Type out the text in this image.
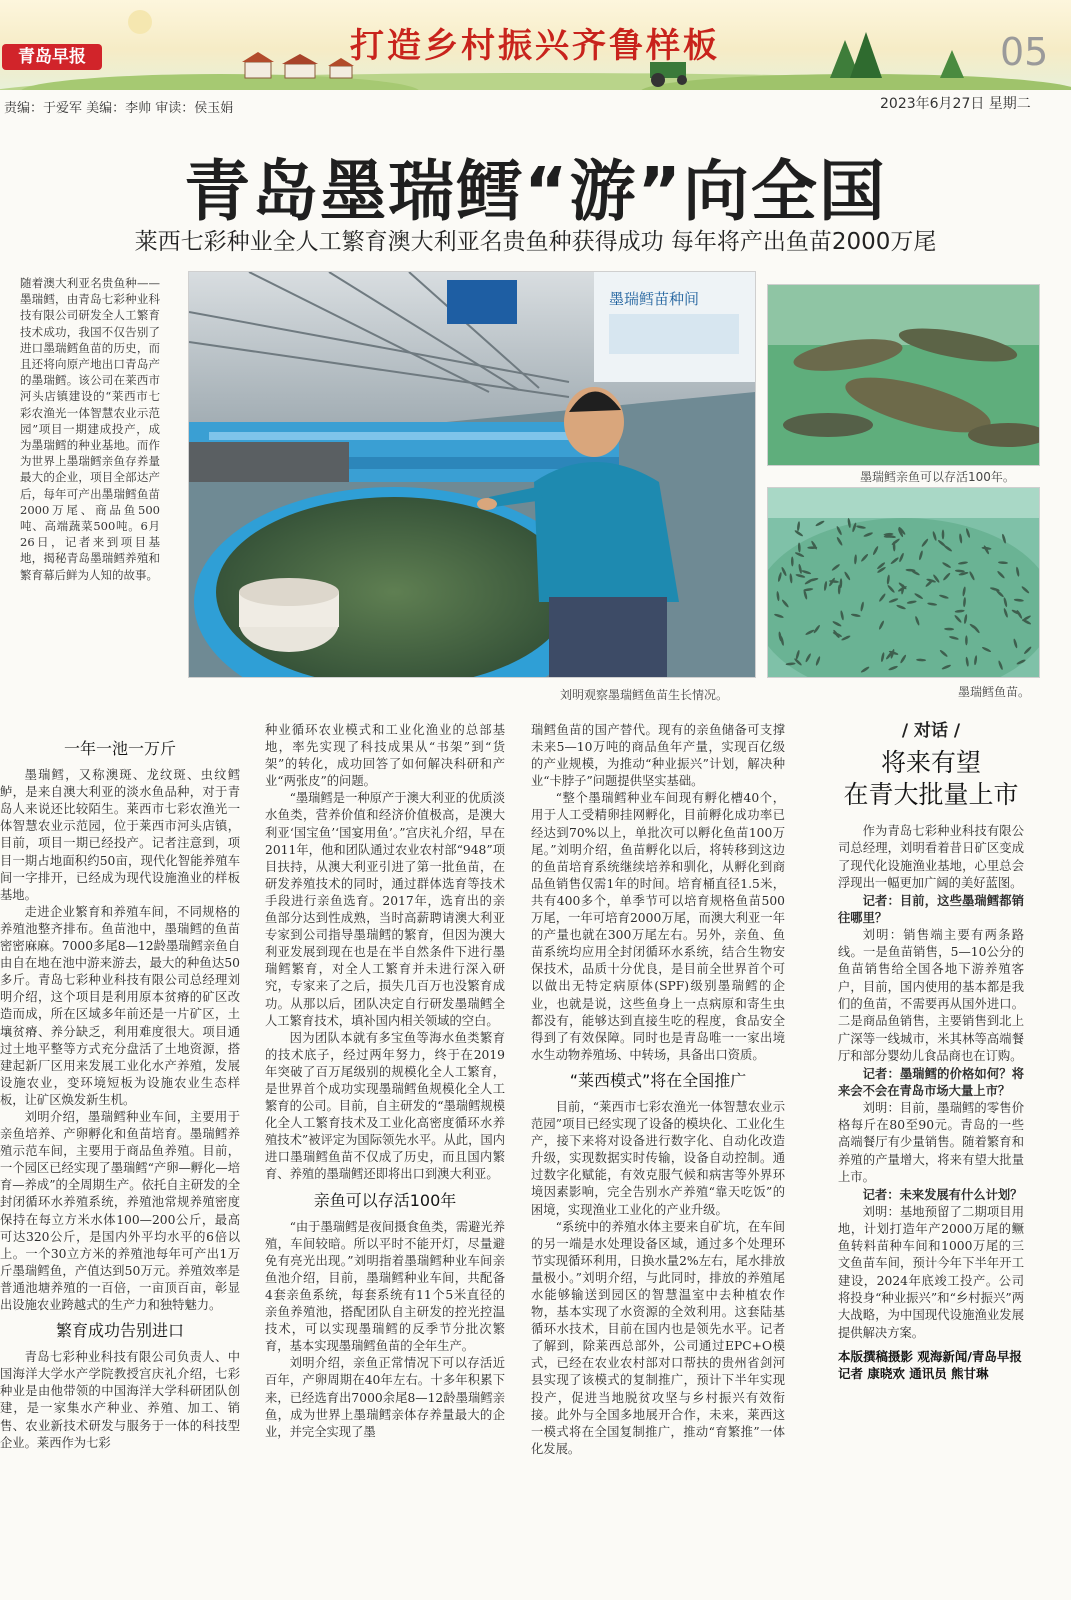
打造乡村振兴齐鲁样板
青岛早报	05
责编：于爱军 美编：李帅 审读：侯玉娟	2023年6月27日 星期二
青岛墨瑞鳕“游”向全国
莱西七彩种业全人工繁育澳大利亚名贵鱼种获得成功 每年将产出鱼苗2000万尾
随着澳大利亚名贵鱼种——墨瑞鳕，由青岛七彩种业科技有限公司研发全人工繁育技术成功，我国不仅告别了进口墨瑞鳕鱼苗的历史，而且还将向原产地出口青岛产的墨瑞鳕。该公司在莱西市河头店镇建设的“莱西市七彩农渔光一体智慧农业示范园”项目一期建成投产，成为墨瑞鳕的种业基地。而作为世界上墨瑞鳕亲鱼存养量最大的企业，项目全部达产后，每年可产出墨瑞鳕鱼苗2000万尾、商品鱼500吨、高端蔬菜500吨。6月26日，记者来到项目基地，揭秘青岛墨瑞鳕养殖和繁育幕后鲜为人知的故事。
墨瑞鳕苗种间
刘明观察墨瑞鳕鱼苗生长情况。
墨瑞鳕亲鱼可以存活100年。
墨瑞鳕鱼苗。
一年一池一万斤

墨瑞鳕，又称澳斑、龙纹斑、虫纹鳕鲈，是来自澳大利亚的淡水鱼品种，对于青岛人来说还比较陌生。莱西市七彩农渔光一体智慧农业示范园，位于莱西市河头店镇，目前，项目一期已经投产。记者注意到，项目一期占地面积约50亩，现代化智能养殖车间一字排开，已经成为现代设施渔业的样板基地。

走进企业繁育和养殖车间，不同规格的养殖池整齐排布。鱼苗池中，墨瑞鳕的鱼苗密密麻麻。7000多尾8—12龄墨瑞鳕亲鱼自由自在地在池中游来游去，最大的种鱼达50多斤。青岛七彩种业科技有限公司总经理刘明介绍，这个项目是利用原本贫瘠的矿区改造而成，所在区域多年前还是一片矿区，土壤贫瘠、养分缺乏，利用难度很大。项目通过土地平整等方式充分盘活了土地资源，搭建起新厂区用来发展工业化水产养殖，发展设施农业，变环境短板为设施农业生态样板，让矿区焕发新生机。

刘明介绍，墨瑞鳕种业车间，主要用于亲鱼培养、产卵孵化和鱼苗培育。墨瑞鳕养殖示范车间，主要用于商品鱼养殖。目前，一个园区已经实现了墨瑞鳕“产卵—孵化—培育—养成”的全周期生产。依托自主研发的全封闭循环水养殖系统，养殖池常规养殖密度保持在每立方米水体100—200公斤，最高可达320公斤，是国内外平均水平的6倍以上。一个30立方米的养殖池每年可产出1万斤墨瑞鳕鱼，产值达到50万元。养殖效率是普通池塘养殖的一百倍，一亩顶百亩，彰显出设施农业跨越式的生产力和独特魅力。

繁育成功告别进口

青岛七彩种业科技有限公司负责人、中国海洋大学水产学院教授宫庆礼介绍，七彩种业是由他带领的中国海洋大学科研团队创建，是一家集水产种业、养殖、加工、销售、农业新技术研发与服务于一体的科技型企业。莱西作为七彩

种业循环农业模式和工业化渔业的总部基地，率先实现了科技成果从“书架”到“货架”的转化，成功回答了如何解决科研和产业“两张皮”的问题。

“墨瑞鳕是一种原产于澳大利亚的优质淡水鱼类，营养价值和经济价值极高，是澳大利亚‘国宝鱼’‘国宴用鱼’。”宫庆礼介绍，早在2011年，他和团队通过农业农村部“948”项目扶持，从澳大利亚引进了第一批鱼苗，在研发养殖技术的同时，通过群体选育等技术手段进行亲鱼选育。2017年，选育出的亲鱼部分达到性成熟，当时高薪聘请澳大利亚专家到公司指导墨瑞鳕的繁育，但因为澳大利亚发展到现在也是在半自然条件下进行墨瑞鳕繁育，对全人工繁育并未进行深入研究，专家来了之后，损失几百万也没繁育成功。从那以后，团队决定自行研发墨瑞鳕全人工繁育技术，填补国内相关领域的空白。

因为团队本就有多宝鱼等海水鱼类繁育的技术底子，经过两年努力，终于在2019年突破了百万尾级别的规模化全人工繁育，是世界首个成功实现墨瑞鳕鱼规模化全人工繁育的公司。目前，自主研发的“墨瑞鳕规模化全人工繁育技术及工业化高密度循环水养殖技术”被评定为国际领先水平。从此，国内进口墨瑞鳕鱼苗不仅成了历史，而且国内繁育、养殖的墨瑞鳕还即将出口到澳大利亚。

亲鱼可以存活100年

“由于墨瑞鳕是夜间摄食鱼类，需避光养殖，车间较暗。所以平时不能开灯，尽量避免有亮光出现。”刘明指着墨瑞鳕种业车间亲鱼池介绍，目前，墨瑞鳕种业车间，共配备4套亲鱼系统，每套系统有11个5米直径的亲鱼养殖池，搭配团队自主研发的控光控温技术，可以实现墨瑞鳕的反季节分批次繁育，基本实现墨瑞鳕鱼苗的全年生产。

刘明介绍，亲鱼正常情况下可以存活近百年，产卵周期在40年左右。十多年积累下来，已经选育出7000余尾8—12龄墨瑞鳕亲鱼，成为世界上墨瑞鳕亲体存养量最大的企业，并完全实现了墨

瑞鳕鱼苗的国产替代。现有的亲鱼储备可支撑未来5—10万吨的商品鱼年产量，实现百亿级的产业规模，为推动“种业振兴”计划，解决种业“卡脖子”问题提供坚实基础。

“整个墨瑞鳕种业车间现有孵化槽40个，用于人工受精卵挂网孵化，目前孵化成功率已经达到70%以上，单批次可以孵化鱼苗100万尾。”刘明介绍，鱼苗孵化以后，将转移到这边的鱼苗培育系统继续培养和驯化，从孵化到商品鱼销售仅需1年的时间。培育桶直径1.5米，共有400多个，单季节可以培育规格鱼苗500万尾，一年可培育2000万尾，而澳大利亚一年的产量也就在300万尾左右。另外，亲鱼、鱼苗系统均应用全封闭循环水系统，结合生物安保技术，品质十分优良，是目前全世界首个可以做出无特定病原体(SPF)级别墨瑞鳕的企业，也就是说，这些鱼身上一点病原和寄生虫都没有，能够达到直接生吃的程度，食品安全得到了有效保障。同时也是青岛唯一一家出境水生动物养殖场、中转场，具备出口资质。

“莱西模式”将在全国推广

目前，“莱西市七彩农渔光一体智慧农业示范园”项目已经实现了设备的模块化、工业化生产，接下来将对设备进行数字化、自动化改造升级，实现数据实时传输，设备自动控制。通过数字化赋能，有效克服气候和病害等外界环境因素影响，完全告别水产养殖“靠天吃饭”的困境，实现渔业工业化的产业升级。

“系统中的养殖水体主要来自矿坑，在车间的另一端是水处理设备区域，通过多个处理环节实现循环利用，日换水量2%左右，尾水排放量极小。”刘明介绍，与此同时，排放的养殖尾水能够输送到园区的智慧温室中去种植农作物，基本实现了水资源的全效利用。这套陆基循环水技术，目前在国内也是领先水平。记者了解到，除莱西总部外，公司通过EPC+O模式，已经在农业农村部对口帮扶的贵州省剑河县实现了该模式的复制推广，预计下半年实现投产，促进当地脱贫攻坚与乡村振兴有效衔接。此外与全国多地展开合作，未来，莱西这一模式将在全国复制推广，推动“育繁推”一体化发展。

/ 对话 /
将来有望
在青大批量上市

作为青岛七彩种业科技有限公司总经理，刘明看着昔日矿区变成了现代化设施渔业基地，心里总会浮现出一幅更加广阔的美好蓝图。

记者：目前，这些墨瑞鳕都销往哪里？

刘明：销售端主要有两条路线。一是鱼苗销售，5—10公分的鱼苗销售给全国各地下游养殖客户，目前，国内使用的基本都是我们的鱼苗，不需要再从国外进口。二是商品鱼销售，主要销售到北上广深等一线城市，米其林等高端餐厅和部分婴幼儿食品商也在订购。

记者：墨瑞鳕的价格如何？将来会不会在青岛市场大量上市？

刘明：目前，墨瑞鳕的零售价格每斤在80至90元。青岛的一些高端餐厅有少量销售。随着繁育和养殖的产量增大，将来有望大批量上市。

记者：未来发展有什么计划？

刘明：基地预留了二期项目用地，计划打造年产2000万尾的鳜鱼转料苗种车间和1000万尾的三文鱼苗车间，预计今年下半年开工建设，2024年底竣工投产。公司将投身“种业振兴”和“乡村振兴”两大战略，为中国现代设施渔业发展提供解决方案。

本版撰稿摄影 观海新闻/青岛早报记者 康晓欢 通讯员 熊甘琳
